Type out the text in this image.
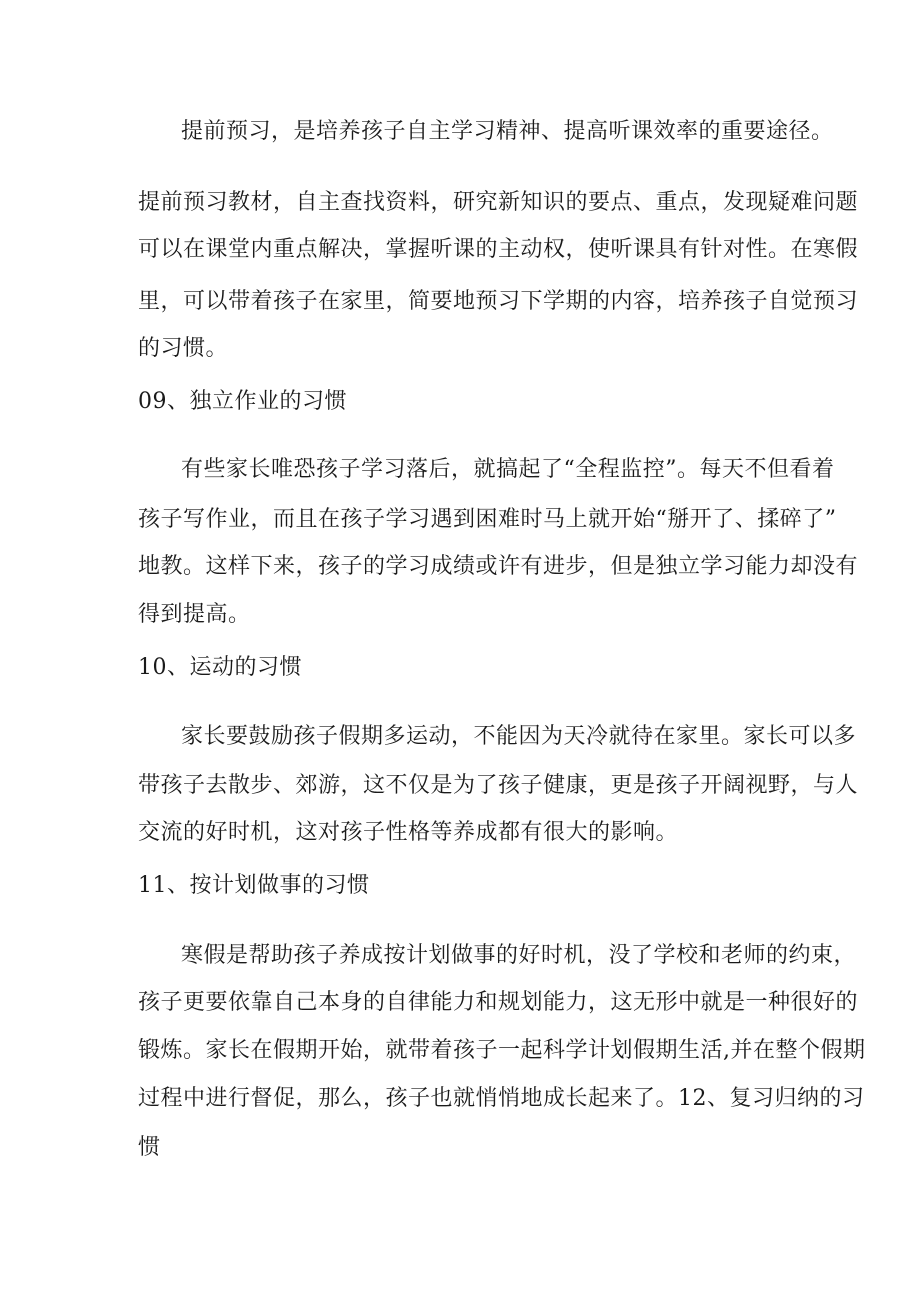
提前预习，是培养孩子自主学习精神、提高听课效率的重要途径。
提前预习教材，自主查找资料，研究新知识的要点、重点，发现疑难问题
可以在课堂内重点解决，掌握听课的主动权，使听课具有针对性。在寒假
里，可以带着孩子在家里，简要地预习下学期的内容，培养孩子自觉预习
的习惯。
09、独立作业的习惯
有些家长唯恐孩子学习落后，就搞起了“全程监控”。每天不但看着
孩子写作业，而且在孩子学习遇到困难时马上就开始“掰开了、揉碎了”
地教。这样下来，孩子的学习成绩或许有进步，但是独立学习能力却没有
得到提高。
10、运动的习惯
家长要鼓励孩子假期多运动，不能因为天冷就待在家里。家长可以多
带孩子去散步、郊游，这不仅是为了孩子健康，更是孩子开阔视野，与人
交流的好时机，这对孩子性格等养成都有很大的影响。
11、按计划做事的习惯
寒假是帮助孩子养成按计划做事的好时机，没了学校和老师的约束，
孩子更要依靠自己本身的自律能力和规划能力，这无形中就是一种很好的
锻炼。家长在假期开始，就带着孩子一起科学计划假期生活,并在整个假期
过程中进行督促，那么，孩子也就悄悄地成长起来了。12、复习归纳的习
惯
